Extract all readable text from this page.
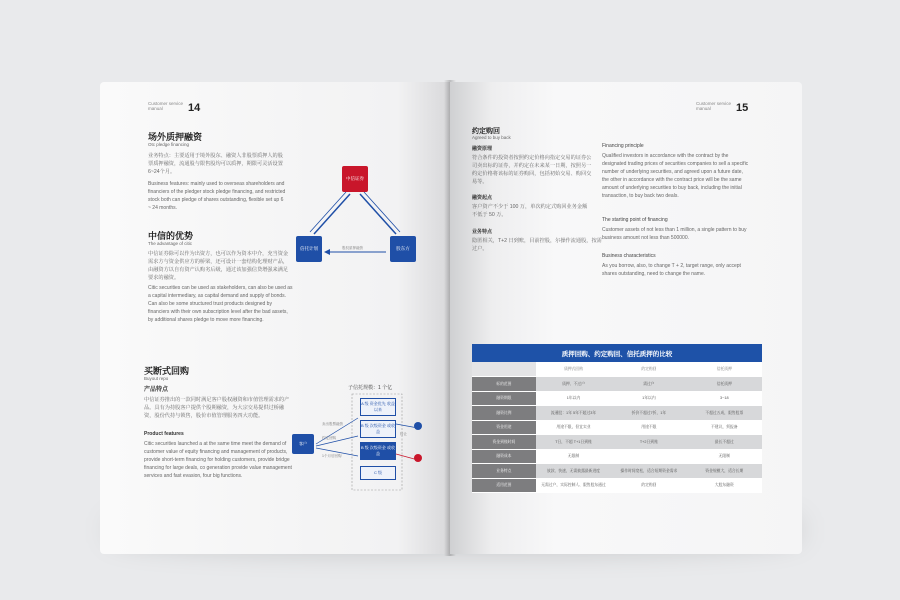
Customer service manual	14
场外质押融资
Otc pledge financing
业务特点：主要适用于境外股东、融资人非股票质押人的股票质押融资，流通股与限售股均可以质押，期限可灵活设置6~24个月。
Business features: mainly used to overseas shareholders and financiers of the pledger stock pledge financing, and restricted stock both can pledge of shares outstanding, flexible set up 6 ~ 24 months.
中信证券
信托计划	股东方
股权质押融资
中信的优势
The advantage of citic
中信证券除可以作为出资方，也可以作为资本中介，充当资金需求方与资金供应方的桥梁，还可设计一套结构化理财产品，由融资方以自有资产认购劣后级，通过该加强信贷增强来满足要求的融资。
Citic securities can be used as stakeholders, can also be used as a capital intermediary, as capital demand and supply of bonds. Can also be some structured trust products designed by financiers with their own subscription level after the bad assets, by additional shares pledge to move more financing.
买断式回购
Buyout repo
产品特点
中信证券推出的一款同时满足客户股权融资和市值管理需求的产品。具有为持股客户提供个股期融资，为大宗交易提供过桥融资，股份代持与锁售，股价市值管理服务四大功能。
Product features
Citic securities launched a at the same time meet the demand of customer value of equity financing and management of products, provide short-term financing for holding customers, provide bridge financing for large deals, co generation provide value management services and fast evasion, four big functions.
子信托规模：1 个亿
客户
A 级 资金优先 收益以来
B 级 次级资金 或收益
B 级 次级资金 或收益
C 级
卖出股票融资
约定回购
1个月后回购
转让
Customer service manual	15
约定购回
Agreed to buy back
融资原理
符合条件的投资者按照约定价格向指定交易的证券公司卖出标的证券，并约定在未来某一日期，按照另一约定价格将该标的证券购回，包括初始交易、购回交易等。
融资起点
客户资产不少于 100 万，单次约定式购回业务金额不低于 50 万。
业务特点
隐匿相关，T+2 日到账，目前控股，尔操作流通股，按需过户。
Financing principle
Qualified investors in accordance with the contract by the designated trading prices of securities companies to sell a specific number of underlying securities, and agreed upon a future date, the other in accordance with the contract price will be the same amount of underlying securities to buy back, including the initial transaction, to buy back two deals.
The starting point of financing
Customer assets of not less than 1 million, a single pattern to buy business amount not less than 500000.
Business characteristics
As you borrow, also, to change T + 2, target range, only accept shares outstanding, need to change the name.
质押回购、约定购回、信托质押的比较
	质押式回购	约定购回	信托质押
标的范围	质押、不过户	需过户	信托质押
融资期限	1年以内	1年以内	3~18
融资比例	流通股：1年 5年不超过3年	折价不超过7折，1年	不超过五成，限售股票
资金用途	用途不限，但宜实业	用途不限	不建议，须报备
资金到账时间	T日，不超 T+1日到账	T+2日到账	最长不超过
融资成本	无限制		无限制
业务特点	放款、快速，无需披露最新进度	操作时间宽松，适合短期资金需求	资金规模大，适合长期
适用范围	无需过户，实际控制人、限售股东通过	约定购回	大股东融资
